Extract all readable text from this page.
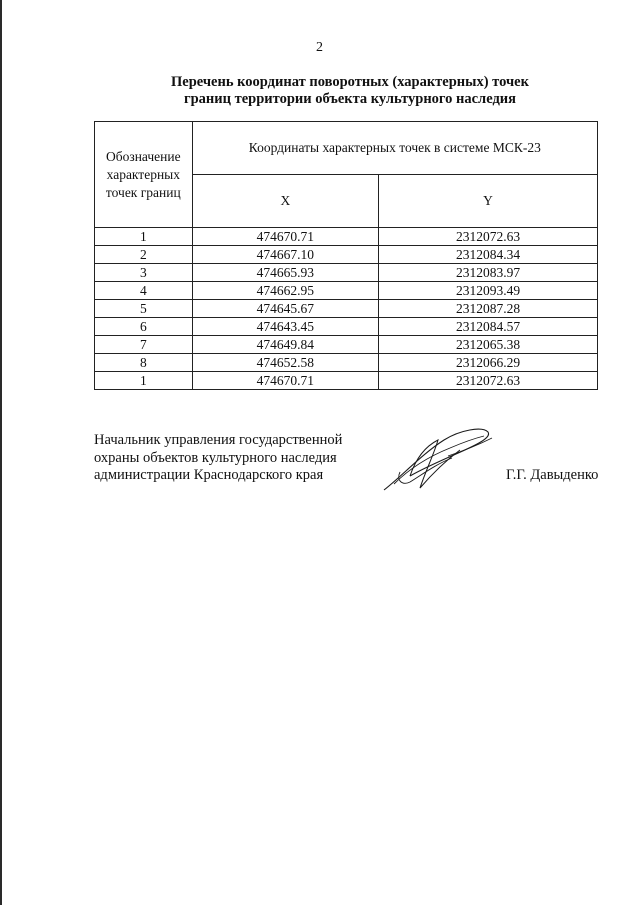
2
Перечень координат поворотных (характерных) точек
границ территории объекта культурного наследия
Обозначение
характерных
точек границ	Координаты характерных точек в системе МСК-23	
	X	Y
1	474670.71	2312072.63
2	474667.10	2312084.34
3	474665.93	2312083.97
4	474662.95	2312093.49
5	474645.67	2312087.28
6	474643.45	2312084.57
7	474649.84	2312065.38
8	474652.58	2312066.29
1	474670.71	2312072.63
Начальник управления государственной
охраны объектов культурного наследия
администрации Краснодарского края	Г.Г. Давыденко
